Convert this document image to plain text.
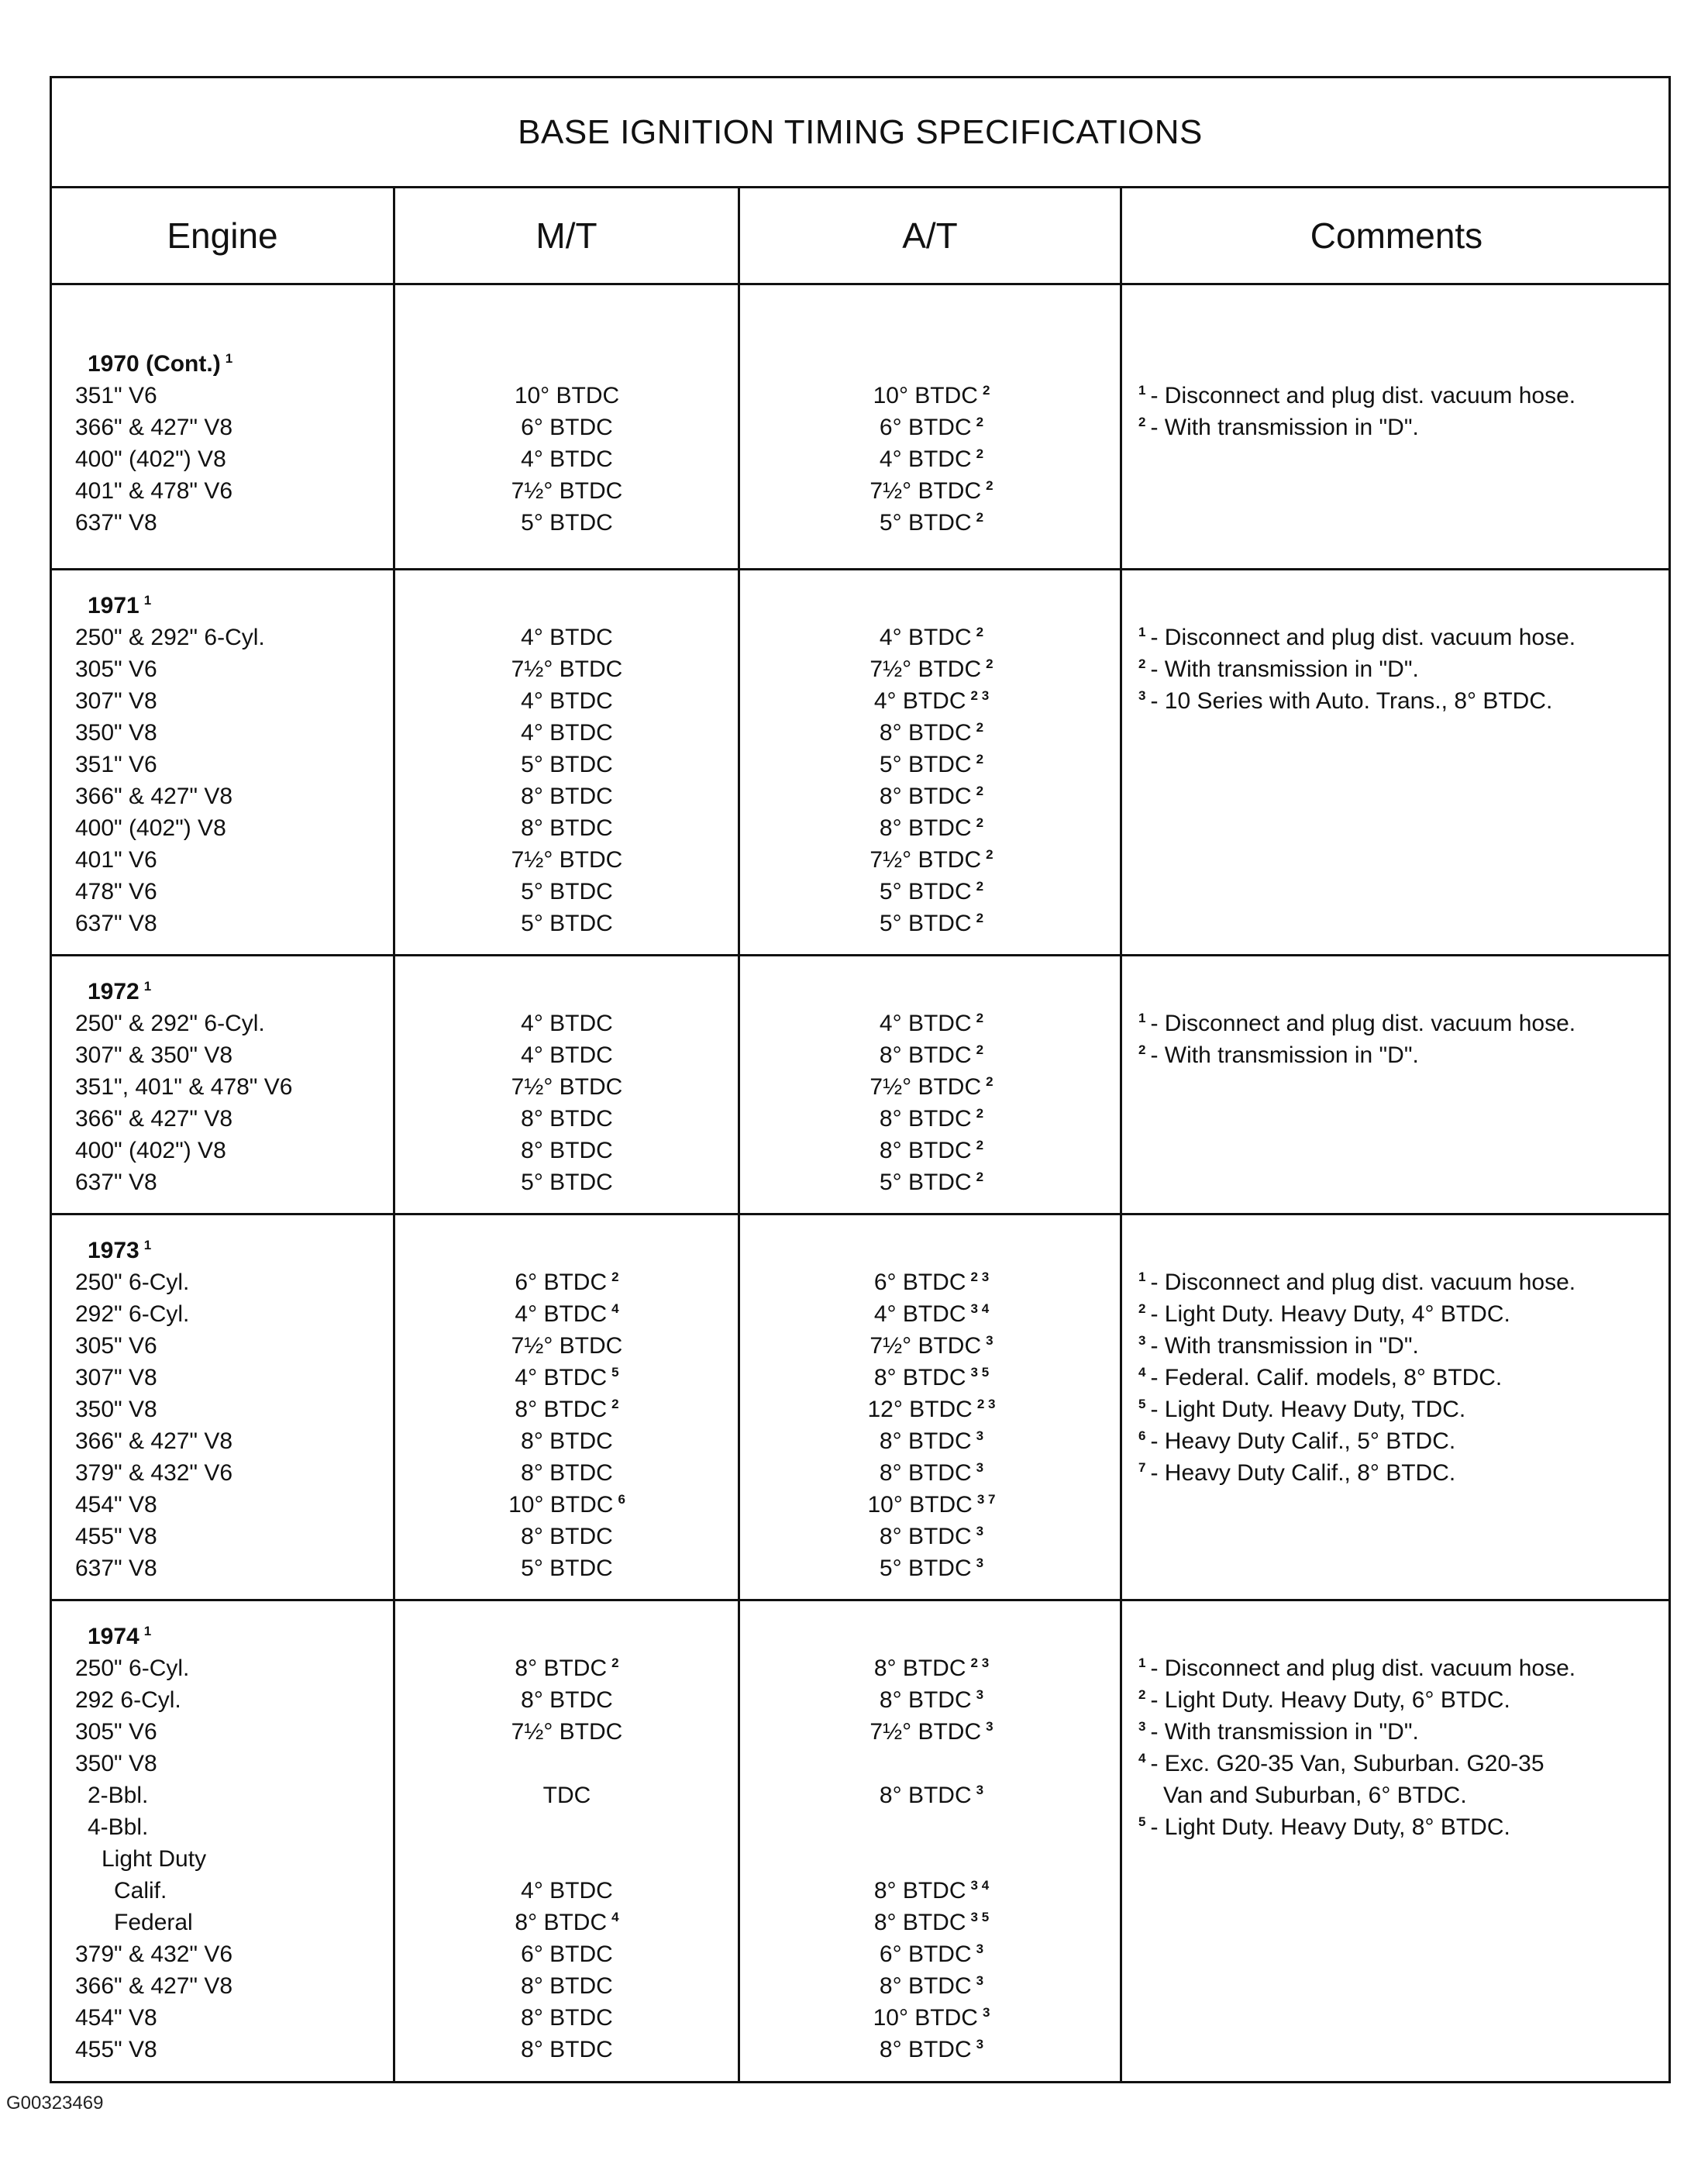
BASE IGNITION TIMING SPECIFICATIONS
Engine	M/T	A/T	Comments
1970 (Cont.) $^1$
351" V6	10° BTDC	10° BTDC $^2$
366" & 427" V8	6° BTDC	6° BTDC $^2$
400" (402") V8	4° BTDC	4° BTDC $^2$
401" & 478" V6	7½° BTDC	7½° BTDC $^2$
637" V8	5° BTDC	5° BTDC $^2$
$^1$ - Disconnect and plug dist. vacuum hose.
$^2$ - With transmission in "D".
1971 $^1$
250" & 292" 6-Cyl.	4° BTDC	4° BTDC $^2$
305" V6	7½° BTDC	7½° BTDC $^2$
307" V8	4° BTDC	4° BTDC $^{2 3}$
350" V8	4° BTDC	8° BTDC $^2$
351" V6	5° BTDC	5° BTDC $^2$
366" & 427" V8	8° BTDC	8° BTDC $^2$
400" (402") V8	8° BTDC	8° BTDC $^2$
401" V6	7½° BTDC	7½° BTDC $^2$
478" V6	5° BTDC	5° BTDC $^2$
637" V8	5° BTDC	5° BTDC $^2$
$^1$ - Disconnect and plug dist. vacuum hose.
$^2$ - With transmission in "D".
$^3$ - 10 Series with Auto. Trans., 8° BTDC.
1972 $^1$
250" & 292" 6-Cyl.	4° BTDC	4° BTDC $^2$
307" & 350" V8	4° BTDC	8° BTDC $^2$
351", 401" & 478" V6	7½° BTDC	7½° BTDC $^2$
366" & 427" V8	8° BTDC	8° BTDC $^2$
400" (402") V8	8° BTDC	8° BTDC $^2$
637" V8	5° BTDC	5° BTDC $^2$
$^1$ - Disconnect and plug dist. vacuum hose.
$^2$ - With transmission in "D".
1973 $^1$
250" 6-Cyl.	6° BTDC $^2$	6° BTDC $^{2 3}$
292" 6-Cyl.	4° BTDC $^4$	4° BTDC $^{3 4}$
305" V6	7½° BTDC	7½° BTDC $^3$
307" V8	4° BTDC $^5$	8° BTDC $^{3 5}$
350" V8	8° BTDC $^2$	12° BTDC $^{2 3}$
366" & 427" V8	8° BTDC	8° BTDC $^3$
379" & 432" V6	8° BTDC	8° BTDC $^3$
454" V8	10° BTDC $^6$	10° BTDC $^{3 7}$
455" V8	8° BTDC	8° BTDC $^3$
637" V8	5° BTDC	5° BTDC $^3$
$^1$ - Disconnect and plug dist. vacuum hose.
$^2$ - Light Duty. Heavy Duty, 4° BTDC.
$^3$ - With transmission in "D".
$^4$ - Federal. Calif. models, 8° BTDC.
$^5$ - Light Duty. Heavy Duty, TDC.
$^6$ - Heavy Duty Calif., 5° BTDC.
$^7$ - Heavy Duty Calif., 8° BTDC.
1974 $^1$
250" 6-Cyl.	8° BTDC $^2$	8° BTDC $^{2 3}$
292 6-Cyl.	8° BTDC	8° BTDC $^3$
305" V6	7½° BTDC	7½° BTDC $^3$
350" V8
2-Bbl.	TDC	8° BTDC $^3$
4-Bbl.
Light Duty
Calif.	4° BTDC	8° BTDC $^{3 4}$
Federal	8° BTDC $^4$	8° BTDC $^{3 5}$
379" & 432" V6	6° BTDC	6° BTDC $^3$
366" & 427" V8	8° BTDC	8° BTDC $^3$
454" V8	8° BTDC	10° BTDC $^3$
455" V8	8° BTDC	8° BTDC $^3$
$^1$ - Disconnect and plug dist. vacuum hose.
$^2$ - Light Duty. Heavy Duty, 6° BTDC.
$^3$ - With transmission in "D".
$^4$ - Exc. G20-35 Van, Suburban. G20-35
Van and Suburban, 6° BTDC.
$^5$ - Light Duty. Heavy Duty, 8° BTDC.
G00323469
